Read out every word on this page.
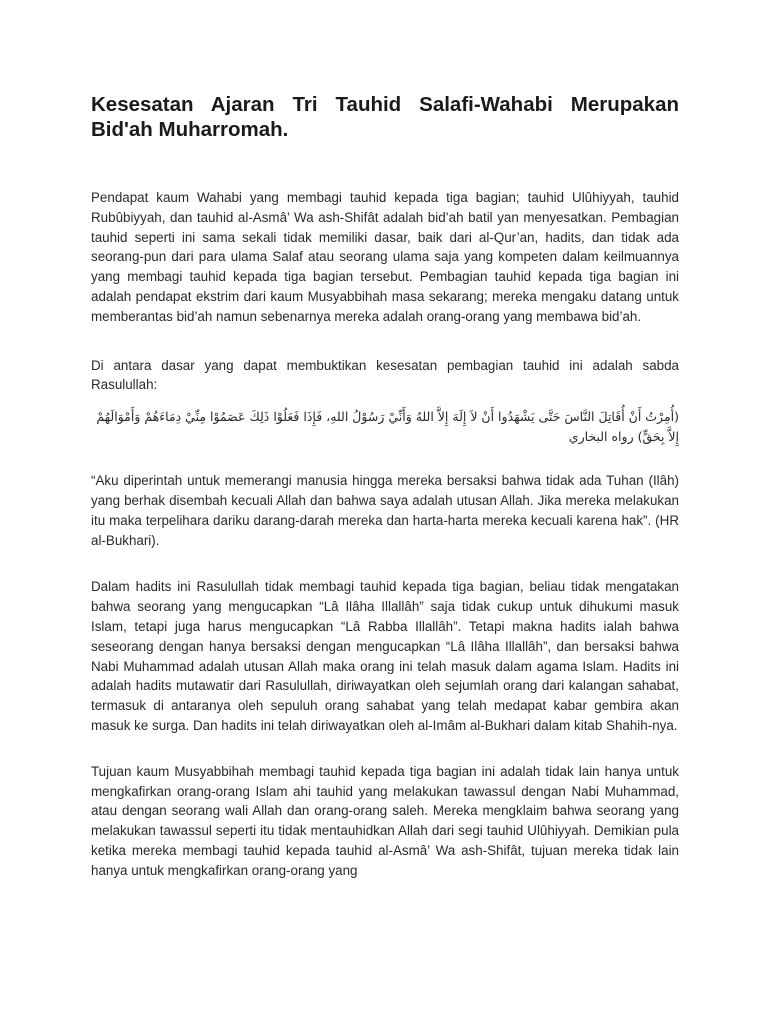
Kesesatan Ajaran Tri Tauhid Salafi-Wahabi Merupakan Bid'ah Muharromah.

Pendapat kaum Wahabi yang membagi tauhid kepada tiga bagian; tauhid Ulûhiyyah, tauhid Rubûbiyyah, dan tauhid al-Asmâ’ Wa ash-Shifât adalah bid’ah batil yan menyesatkan. Pembagian tauhid seperti ini sama sekali tidak memiliki dasar, baik dari al-Qur’an, hadits, dan tidak ada seorang-pun dari para ulama Salaf atau seorang ulama saja yang kompeten dalam keilmuannya yang membagi tauhid kepada tiga bagian tersebut. Pembagian tauhid kepada tiga bagian ini adalah pendapat ekstrim dari kaum Musyabbihah masa sekarang; mereka mengaku datang untuk memberantas bid’ah namun sebenarnya mereka adalah orang-orang yang membawa bid’ah.

Di antara dasar yang dapat membuktikan kesesatan pembagian tauhid ini adalah sabda Rasulullah:

(أُمِرْتُ أَنْ أُقَاتِلَ النَّاسَ حَتَّى يَشْهَدُوا أَنْ لاَ إِلَهَ إِلاَّ اللهُ وَأَنِّيْ رَسُوْلُ اللهِ، فَإِذَا فَعَلُوْا ذَلِكَ عَصَمُوْا مِنِّيْ دِمَاءَهُمْ وَأَمْوَالَهُمْ إِلاَّ بِحَقٍّ) رواه البخاري

“Aku diperintah untuk memerangi manusia hingga mereka bersaksi bahwa tidak ada Tuhan (Ilâh) yang berhak disembah kecuali Allah dan bahwa saya adalah utusan Allah. Jika mereka melakukan itu maka terpelihara dariku darang-darah mereka dan harta-harta mereka kecuali karena hak”. (HR al-Bukhari).

Dalam hadits ini Rasulullah tidak membagi tauhid kepada tiga bagian, beliau tidak mengatakan bahwa seorang yang mengucapkan “Lâ Ilâha Illallâh” saja tidak cukup untuk dihukumi masuk Islam, tetapi juga harus mengucapkan “Lâ Rabba Illallâh”. Tetapi makna hadits ialah bahwa seseorang dengan hanya bersaksi dengan mengucapkan “Lâ Ilâha Illallâh”, dan bersaksi bahwa Nabi Muhammad adalah utusan Allah maka orang ini telah masuk dalam agama Islam. Hadits ini adalah hadits mutawatir dari Rasulullah, diriwayatkan oleh sejumlah orang dari kalangan sahabat, termasuk di antaranya oleh sepuluh orang sahabat yang telah medapat kabar gembira akan masuk ke surga. Dan hadits ini telah diriwayatkan oleh al-Imâm al-Bukhari dalam kitab Shahih-nya.

Tujuan kaum Musyabbihah membagi tauhid kepada tiga bagian ini adalah tidak lain hanya untuk mengkafirkan orang-orang Islam ahi tauhid yang melakukan tawassul dengan Nabi Muhammad, atau dengan seorang wali Allah dan orang-orang saleh. Mereka mengklaim bahwa seorang yang melakukan tawassul seperti itu tidak mentauhidkan Allah dari segi tauhid Ulûhiyyah. Demikian pula ketika mereka membagi tauhid kepada tauhid al-Asmâ’ Wa ash-Shifât, tujuan mereka tidak lain hanya untuk mengkafirkan orang-orang yang
